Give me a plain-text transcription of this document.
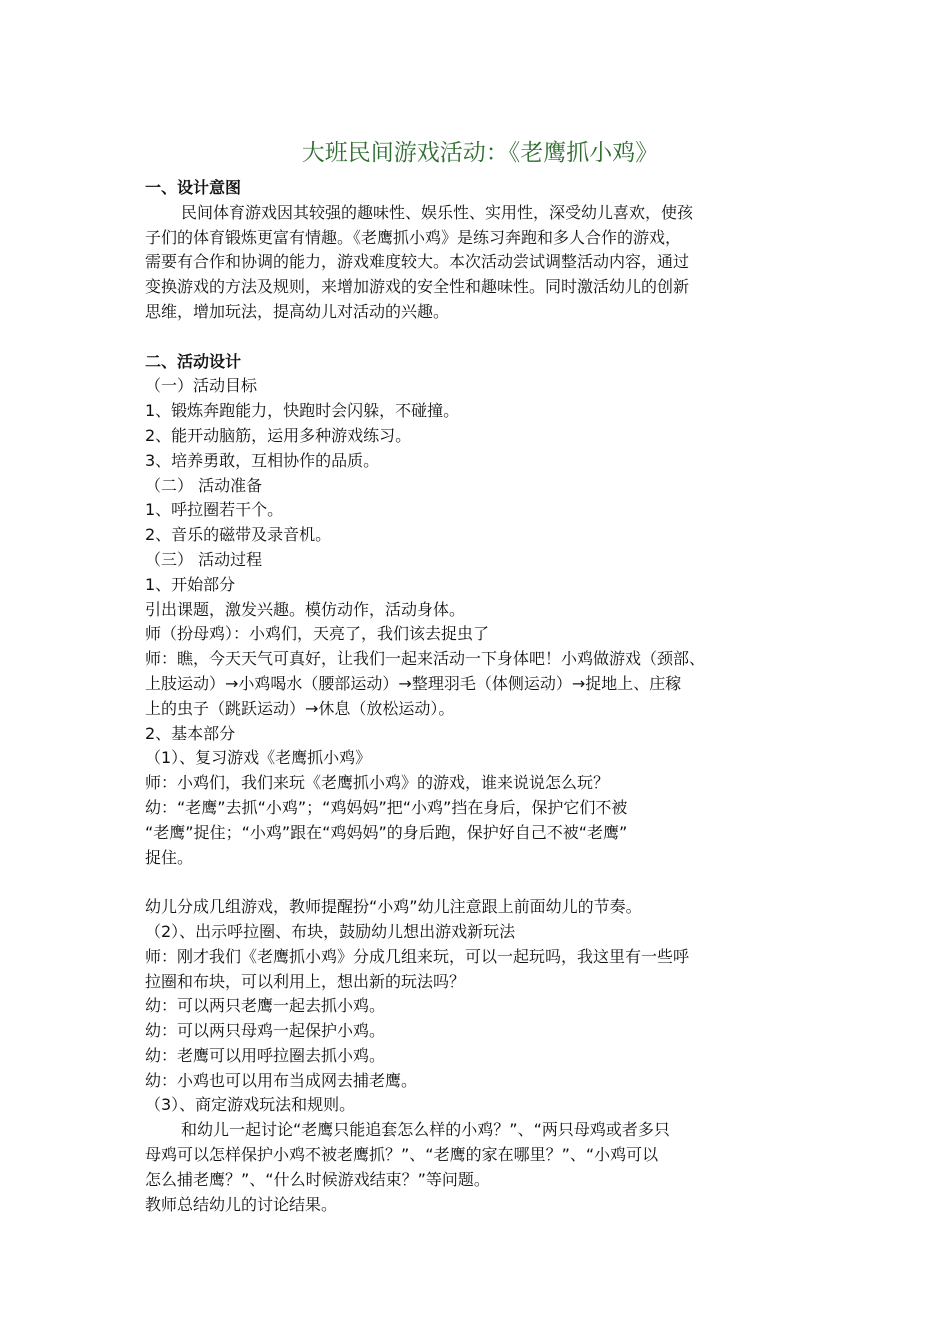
大班民间游戏活动：《老鹰抓小鸡》
一、设计意图
民间体育游戏因其较强的趣味性、娱乐性、实用性，深受幼儿喜欢，使孩
子们的体育锻炼更富有情趣。《老鹰抓小鸡》是练习奔跑和多人合作的游戏，
需要有合作和协调的能力，游戏难度较大。本次活动尝试调整活动内容，通过
变换游戏的方法及规则，来增加游戏的安全性和趣味性。同时激活幼儿的创新
思维，增加玩法，提高幼儿对活动的兴趣。
二、活动设计
（一）活动目标
1、锻炼奔跑能力，快跑时会闪躲，不碰撞。
2、能开动脑筋，运用多种游戏练习。
3、培养勇敢，互相协作的品质。
（二） 活动准备
1、呼拉圈若干个。
2、音乐的磁带及录音机。
（三） 活动过程
1、开始部分
引出课题，激发兴趣。模仿动作，活动身体。
师（扮母鸡）：小鸡们，天亮了，我们该去捉虫了
师：瞧，今天天气可真好，让我们一起来活动一下身体吧！小鸡做游戏（颈部、
上肢运动）→小鸡喝水（腰部运动）→整理羽毛（体侧运动）→捉地上、庄稼
上的虫子（跳跃运动）→休息（放松运动）。
2、基本部分
（1）、复习游戏《老鹰抓小鸡》
师：小鸡们，我们来玩《老鹰抓小鸡》的游戏，谁来说说怎么玩？
幼：“老鹰”去抓“小鸡”；“鸡妈妈”把“小鸡”挡在身后，保护它们不被
“老鹰”捉住；“小鸡”跟在“鸡妈妈”的身后跑，保护好自己不被“老鹰”
捉住。
幼儿分成几组游戏，教师提醒扮“小鸡”幼儿注意跟上前面幼儿的节奏。
（2）、出示呼拉圈、布块，鼓励幼儿想出游戏新玩法
师：刚才我们《老鹰抓小鸡》分成几组来玩，可以一起玩吗，我这里有一些呼
拉圈和布块，可以利用上，想出新的玩法吗？
幼：可以两只老鹰一起去抓小鸡。
幼：可以两只母鸡一起保护小鸡。
幼：老鹰可以用呼拉圈去抓小鸡。
幼：小鸡也可以用布当成网去捕老鹰。
（3）、商定游戏玩法和规则。
和幼儿一起讨论“老鹰只能追套怎么样的小鸡？”、“两只母鸡或者多只
母鸡可以怎样保护小鸡不被老鹰抓？”、“老鹰的家在哪里？”、“小鸡可以
怎么捕老鹰？”、“什么时候游戏结束？”等问题。
教师总结幼儿的讨论结果。
